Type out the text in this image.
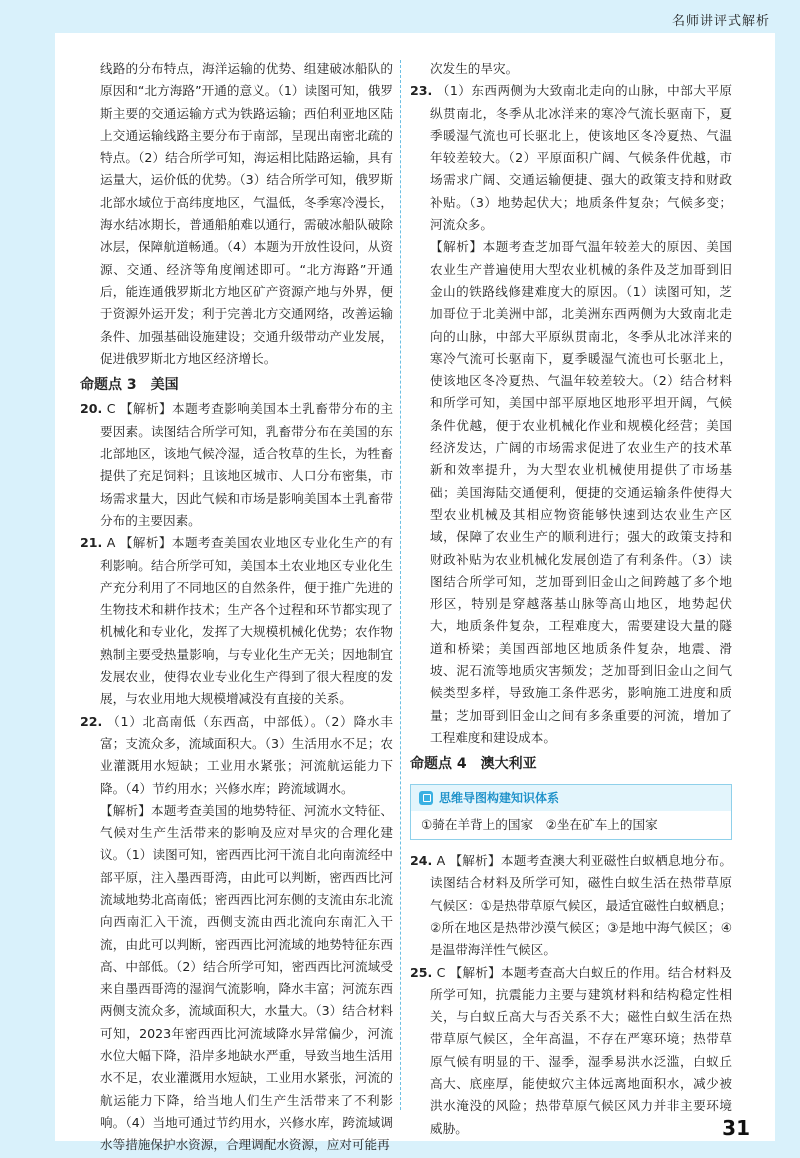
名师讲评式解析

线路的分布特点，海洋运输的优势、组建破冰船队的原因和“北方海路”开通的意义。（1）读图可知，俄罗斯主要的交通运输方式为铁路运输；西伯利亚地区陆上交通运输线路主要分布于南部，呈现出南密北疏的特点。（2）结合所学可知，海运相比陆路运输，具有运量大，运价低的优势。（3）结合所学可知，俄罗斯北部水域位于高纬度地区，气温低，冬季寒冷漫长，海水结冰期长，普通船舶难以通行，需破冰船队破除冰层，保障航道畅通。（4）本题为开放性设问，从资源、交通、经济等角度阐述即可。“北方海路”开通后，能连通俄罗斯北方地区矿产资源产地与外界，便于资源外运开发；利于完善北方交通网络，改善运输条件、加强基础设施建设；交通升级带动产业发展，促进俄罗斯北方地区经济增长。

命题点 3　美国

20. C 【解析】本题考查影响美国本土乳畜带分布的主要因素。读图结合所学可知，乳畜带分布在美国的东北部地区，该地气候冷湿，适合牧草的生长，为牲畜提供了充足饲料；且该地区城市、人口分布密集，市场需求量大，因此气候和市场是影响美国本土乳畜带分布的主要因素。

21. A 【解析】本题考查美国农业地区专业化生产的有利影响。结合所学可知，美国本土农业地区专业化生产充分利用了不同地区的自然条件，便于推广先进的生物技术和耕作技术；生产各个过程和环节都实现了机械化和专业化，发挥了大规模机械化优势；农作物熟制主要受热量影响，与专业化生产无关；因地制宜发展农业，使得农业专业化生产得到了很大程度的发展，与农业用地大规模增减没有直接的关系。

22. （1）北高南低（东西高，中部低）。（2）降水丰富；支流众多，流域面积大。（3）生活用水不足；农业灌溉用水短缺；工业用水紧张；河流航运能力下降。（4）节约用水；兴修水库；跨流域调水。

【解析】本题考查美国的地势特征、河流水文特征、气候对生产生活带来的影响及应对旱灾的合理化建议。（1）读图可知，密西西比河干流自北向南流经中部平原，注入墨西哥湾，由此可以判断，密西西比河流域地势北高南低；密西西比河东侧的支流由东北流向西南汇入干流，西侧支流由西北流向东南汇入干流，由此可以判断，密西西比河流域的地势特征东西高、中部低。（2）结合所学可知，密西西比河流域受来自墨西哥湾的湿润气流影响，降水丰富；河流东西两侧支流众多，流域面积大，水量大。（3）结合材料可知，2023年密西西比河流域降水异常偏少，河流水位大幅下降，沿岸多地缺水严重，导致当地生活用水不足，农业灌溉用水短缺，工业用水紧张，河流的航运能力下降，给当地人们生产生活带来了不利影响。（4）当地可通过节约用水，兴修水库，跨流域调水等措施保护水资源，合理调配水资源，应对可能再

次发生的旱灾。

23. （1）东西两侧为大致南北走向的山脉，中部大平原纵贯南北，冬季从北冰洋来的寒冷气流长驱南下，夏季暖湿气流也可长驱北上，使该地区冬冷夏热、气温年较差较大。（2）平原面积广阔、气候条件优越，市场需求广阔、交通运输便捷、强大的政策支持和财政补贴。（3）地势起伏大；地质条件复杂；气候多变；河流众多。

【解析】本题考查芝加哥气温年较差大的原因、美国农业生产普遍使用大型农业机械的条件及芝加哥到旧金山的铁路线修建难度大的原因。（1）读图可知，芝加哥位于北美洲中部，北美洲东西两侧为大致南北走向的山脉，中部大平原纵贯南北，冬季从北冰洋来的寒冷气流可长驱南下，夏季暖湿气流也可长驱北上，使该地区冬冷夏热、气温年较差较大。（2）结合材料和所学可知，美国中部平原地区地形平坦开阔，气候条件优越，便于农业机械化作业和规模化经营；美国经济发达，广阔的市场需求促进了农业生产的技术革新和效率提升，为大型农业机械使用提供了市场基础；美国海陆交通便利，便捷的交通运输条件使得大型农业机械及其相应物资能够快速到达农业生产区域，保障了农业生产的顺利进行；强大的政策支持和财政补贴为农业机械化发展创造了有利条件。（3）读图结合所学可知，芝加哥到旧金山之间跨越了多个地形区，特别是穿越落基山脉等高山地区，地势起伏大，地质条件复杂，工程难度大，需要建设大量的隧道和桥梁；美国西部地区地质条件复杂，地震、滑坡、泥石流等地质灾害频发；芝加哥到旧金山之间气候类型多样，导致施工条件恶劣，影响施工进度和质量；芝加哥到旧金山之间有多条重要的河流，增加了工程难度和建设成本。

命题点 4　澳大利亚
思维导图构建知识体系
①骑在羊背上的国家　②坐在矿车上的国家

24. A 【解析】本题考查澳大利亚磁性白蚁栖息地分布。读图结合材料及所学可知，磁性白蚁生活在热带草原气候区：①是热带草原气候区，最适宜磁性白蚁栖息；②所在地区是热带沙漠气候区；③是地中海气候区；④是温带海洋性气候区。

25. C 【解析】本题考查高大白蚁丘的作用。结合材料及所学可知，抗震能力主要与建筑材料和结构稳定性相关，与白蚁丘高大与否关系不大；磁性白蚁生活在热带草原气候区，全年高温，不存在严寒环境；热带草原气候有明显的干、湿季，湿季易洪水泛滥，白蚁丘高大、底座厚，能使蚁穴主体远离地面积水，减少被洪水淹没的风险；热带草原气候区风力并非主要环境威胁。	31
